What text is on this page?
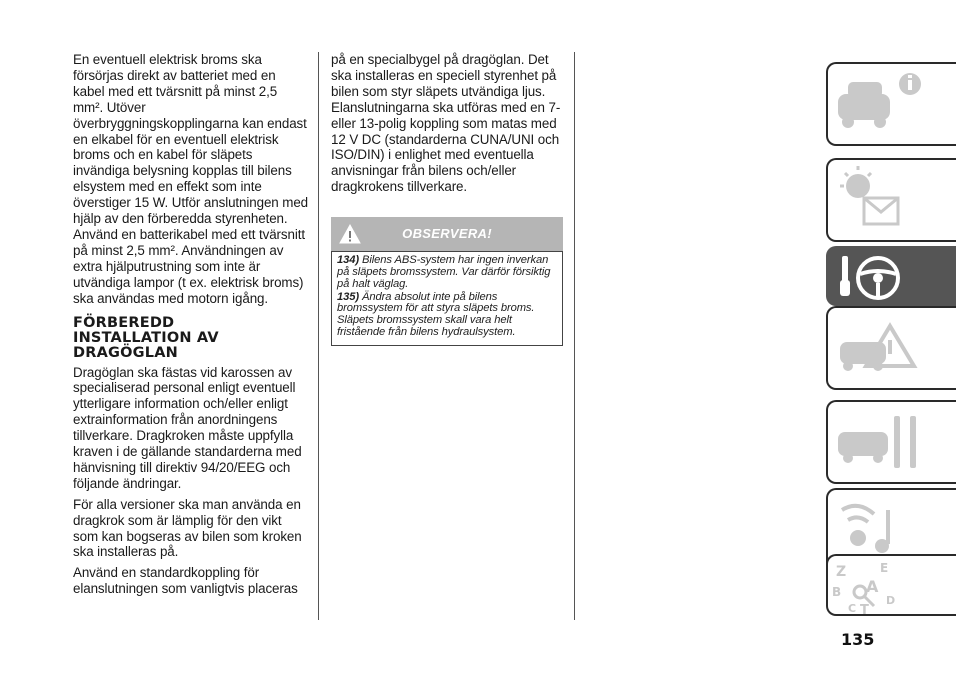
En eventuell elektrisk broms ska försörjas direkt av batteriet med en kabel med ett tvärsnitt på minst 2,5 mm². Utöver överbryggningskopplingarna kan endast en elkabel för en eventuell elektrisk broms och en kabel för släpets invändiga belysning kopplas till bilens elsystem med en effekt som inte överstiger 15 W. Utför anslutningen med hjälp av den förberedda styrenheten. Använd en batterikabel med ett tvärsnitt på minst 2,5 mm². Användningen av extra hjälputrustning som inte är utvändiga lampor (t ex. elektrisk broms) ska användas med motorn igång.

FÖRBEREDD
INSTALLATION AV
DRAGÖGLAN

Dragöglan ska fästas vid karossen av specialiserad personal enligt eventuell ytterligare information och/eller enligt extrainformation från anordningens tillverkare. Dragkroken måste uppfylla kraven i de gällande standarderna med hänvisning till direktiv 94/20/EEG och följande ändringar.

För alla versioner ska man använda en dragkrok som är lämplig för den vikt som kan bogseras av bilen som kroken ska installeras på.

Använd en standardkoppling för elanslutningen som vanligtvis placeras

på en specialbygel på dragöglan. Det ska installeras en speciell styrenhet på bilen som styr släpets utvändiga ljus. Elanslutningarna ska utföras med en 7- eller 13-polig koppling som matas med 12 V DC (standarderna CUNA/UNI och ISO/DIN) i enlighet med eventuella anvisningar från bilens och/eller dragkrokens tillverkare.

OBSERVERA!

134) Bilens ABS-system har ingen inverkan på släpets bromssystem. Var därför försiktig på halt väglag.

135) Ändra absolut inte på bilens bromssystem för att styra släpets broms. Släpets bromssystem skall vara helt fristående från bilens hydraulsystem.

Z	E
B A
C T
D
135
